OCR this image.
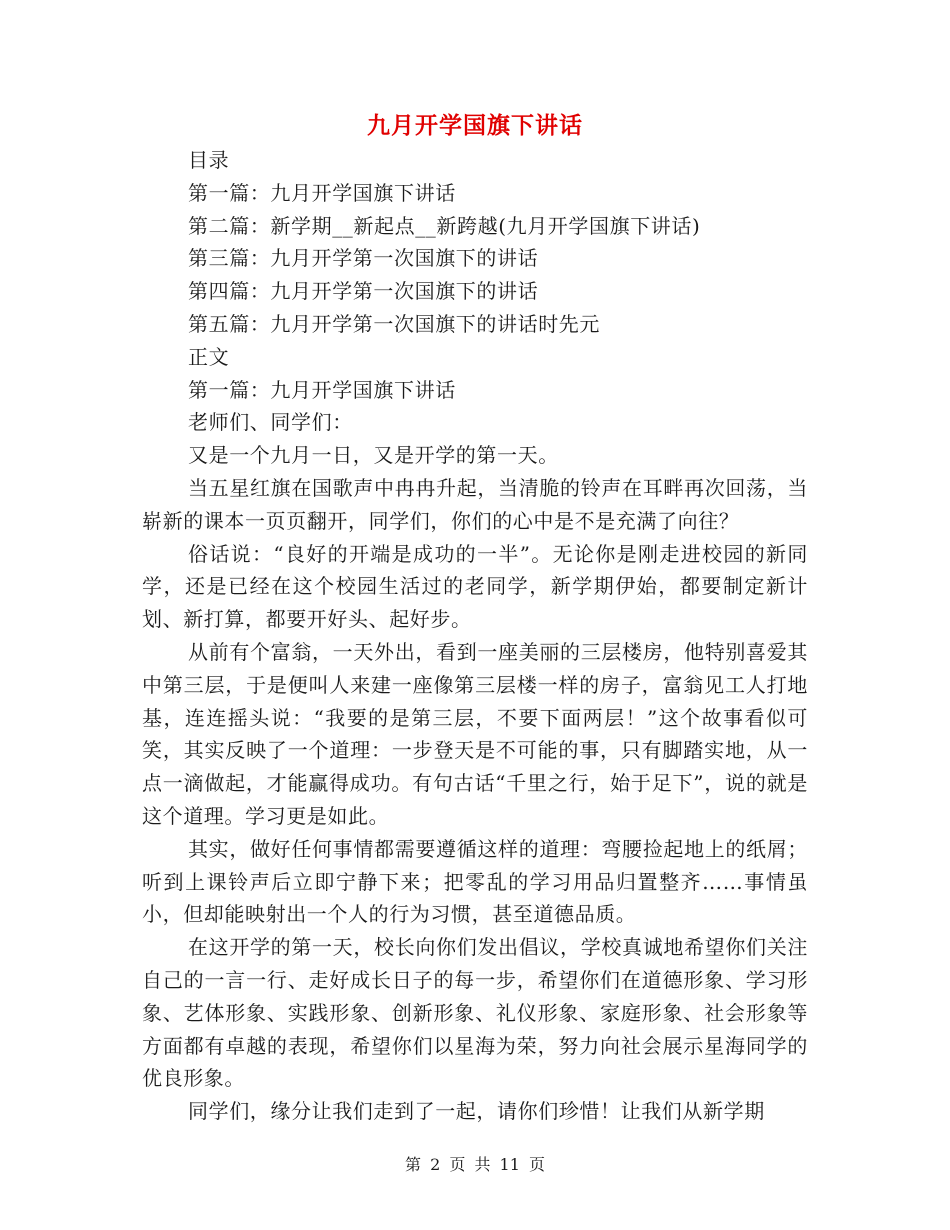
九月开学国旗下讲话

目录

第一篇：九月开学国旗下讲话

第二篇：新学期__新起点__新跨越(九月开学国旗下讲话)

第三篇：九月开学第一次国旗下的讲话

第四篇：九月开学第一次国旗下的讲话

第五篇：九月开学第一次国旗下的讲话时先元

正文

第一篇：九月开学国旗下讲话

老师们、同学们：

又是一个九月一日，又是开学的第一天。

当五星红旗在国歌声中冉冉升起，当清脆的铃声在耳畔再次回荡，当崭新的课本一页页翻开，同学们，你们的心中是不是充满了向往？

俗话说：“良好的开端是成功的一半”。无论你是刚走进校园的新同学，还是已经在这个校园生活过的老同学，新学期伊始，都要制定新计划、新打算，都要开好头、起好步。

从前有个富翁，一天外出，看到一座美丽的三层楼房，他特别喜爱其中第三层，于是便叫人来建一座像第三层楼一样的房子，富翁见工人打地基，连连摇头说：“我要的是第三层，不要下面两层！”这个故事看似可笑，其实反映了一个道理：一步登天是不可能的事，只有脚踏实地，从一点一滴做起，才能赢得成功。有句古话“千里之行，始于足下”，说的就是这个道理。学习更是如此。

其实，做好任何事情都需要遵循这样的道理：弯腰捡起地上的纸屑；听到上课铃声后立即宁静下来；把零乱的学习用品归置整齐……事情虽小，但却能映射出一个人的行为习惯，甚至道德品质。

在这开学的第一天，校长向你们发出倡议，学校真诚地希望你们关注自己的一言一行、走好成长日子的每一步，希望你们在道德形象、学习形象、艺体形象、实践形象、创新形象、礼仪形象、家庭形象、社会形象等方面都有卓越的表现，希望你们以星海为荣，努力向社会展示星海同学的优良形象。

同学们，缘分让我们走到了一起，请你们珍惜！让我们从新学期

第 2 页 共 11 页
